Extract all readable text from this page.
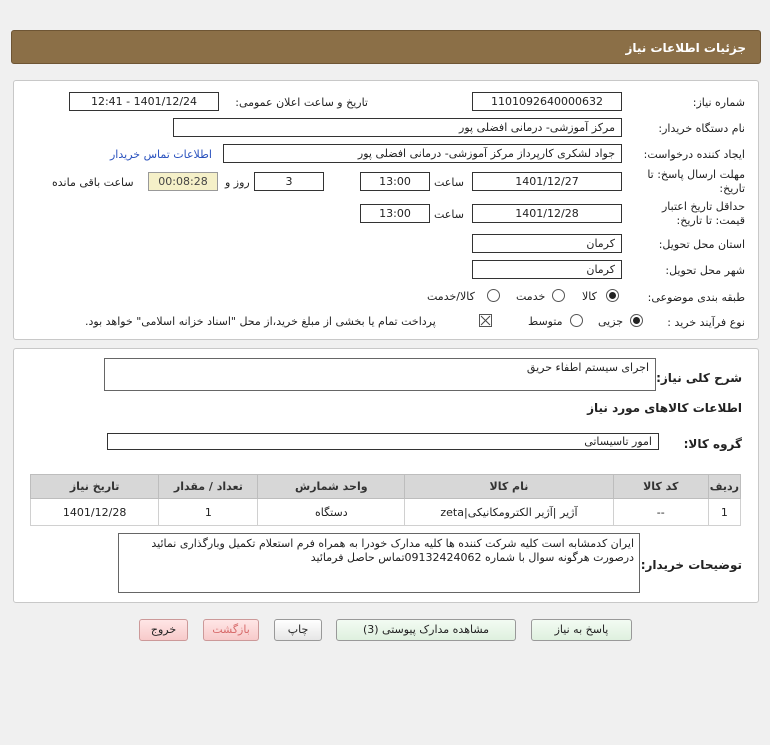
جزئیات اطلاعات نیاز
شماره نیاز:
1101092640000632
تاریخ و ساعت اعلان عمومی:
1401/12/24 - 12:41
نام دستگاه خریدار:
مرکز آموزشی- درمانی افضلی پور
ایجاد کننده درخواست:
جواد لشکری کارپرداز مرکز آموزشی- درمانی افضلی پور
اطلاعات تماس خریدار
مهلت ارسال پاسخ: تا
تاریخ:
1401/12/27
ساعت
13:00
3
روز و
00:08:28
ساعت باقی مانده
حداقل تاریخ اعتبار
قیمت: تا تاریخ:
1401/12/28
ساعت
13:00
استان محل تحویل:
کرمان
شهر محل تحویل:
کرمان
طبقه بندی موضوعی:
کالا
خدمت
کالا/خدمت
نوع فرآیند خرید :
جزیی
متوسط
پرداخت تمام یا بخشی از مبلغ خرید،از محل "اسناد خزانه اسلامی" خواهد بود.
شرح کلی نیاز:
اجرای سیستم اطفاء حریق
اطلاعات کالاهای مورد نیاز
گروه کالا:
امور تاسیساتی
ردیف	کد کالا	نام کالا	واحد شمارش	تعداد / مقدار	تاریخ نیاز
1	--	آژیر |آژیر الکترومکانیکی|zeta	دستگاه	1	1401/12/28
توضیحات خریدار:
ایران کدمشابه است کلیه شرکت کننده ها کلیه مدارک خودرا به همراه فرم استعلام تکمیل وبارگذاری نمائید درصورت هرگونه سوال با شماره 09132424062تماس حاصل فرمائید
پاسخ به نیاز
مشاهده مدارک پیوستی (3)
چاپ
بازگشت
خروج
